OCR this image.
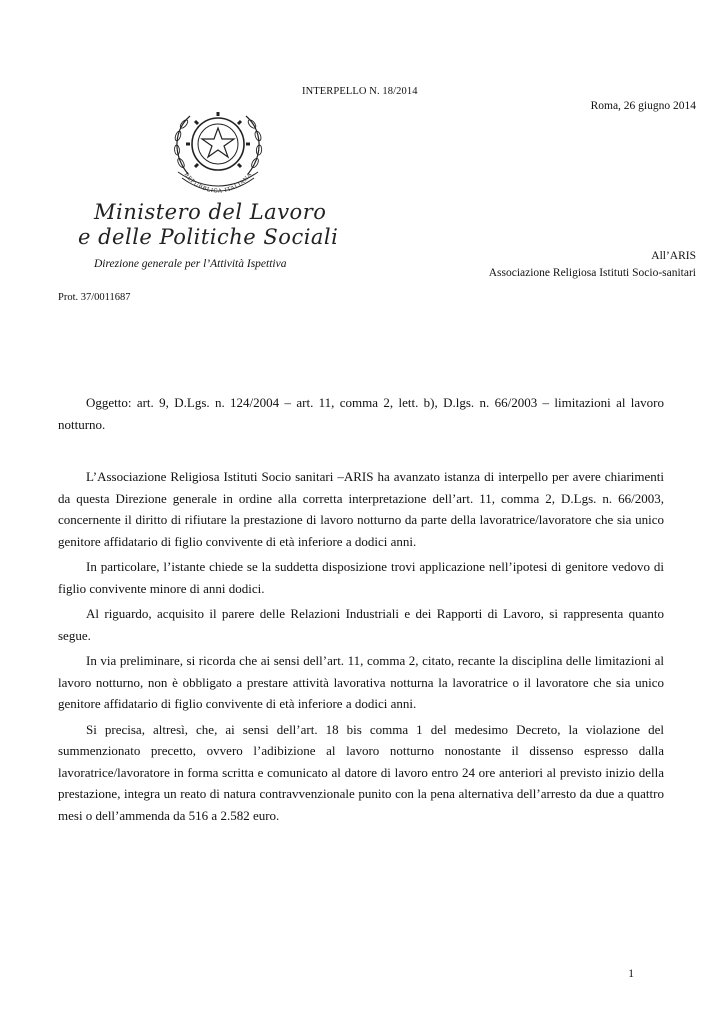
INTERPELLO N. 18/2014
Roma, 26 giugno 2014
REPUBBLICA ITALIANA
Ministero del Lavoro
e delle Politiche Sociali
Direzione generale per l’Attività Ispettiva
All’ARIS
Associazione Religiosa Istituti Socio-sanitari
Prot. 37/0011687

Oggetto: art. 9, D.Lgs. n. 124/2004 – art. 11, comma 2, lett. b), D.lgs. n. 66/2003 – limitazioni al lavoro notturno.

L’Associazione Religiosa Istituti Socio sanitari –ARIS ha avanzato istanza di interpello per avere chiarimenti da questa Direzione generale in ordine alla corretta interpretazione dell’art. 11, comma 2, D.Lgs. n. 66/2003, concernente il diritto di rifiutare la prestazione di lavoro notturno da parte della lavoratrice/lavoratore che sia unico genitore affidatario di figlio convivente di età inferiore a dodici anni.

In particolare, l’istante chiede se la suddetta disposizione trovi applicazione nell’ipotesi di genitore vedovo di figlio convivente minore di anni dodici.

Al riguardo, acquisito il parere delle Relazioni Industriali e dei Rapporti di Lavoro, si rappresenta quanto segue.

In via preliminare, si ricorda che ai sensi dell’art. 11, comma 2, citato, recante la disciplina delle limitazioni al lavoro notturno, non è obbligato a prestare attività lavorativa notturna la lavoratrice o il lavoratore che sia unico genitore affidatario di figlio convivente di età inferiore a dodici anni.

Si precisa, altresì, che, ai sensi dell’art. 18 bis comma 1 del medesimo Decreto, la violazione del summenzionato precetto, ovvero l’adibizione al lavoro notturno nonostante il dissenso espresso dalla lavoratrice/lavoratore in forma scritta e comunicato al datore di lavoro entro 24 ore anteriori al previsto inizio della prestazione, integra un reato di natura contravvenzionale punito con la pena alternativa dell’arresto da due a quattro mesi o dell’ammenda da 516 a 2.582 euro.

1
